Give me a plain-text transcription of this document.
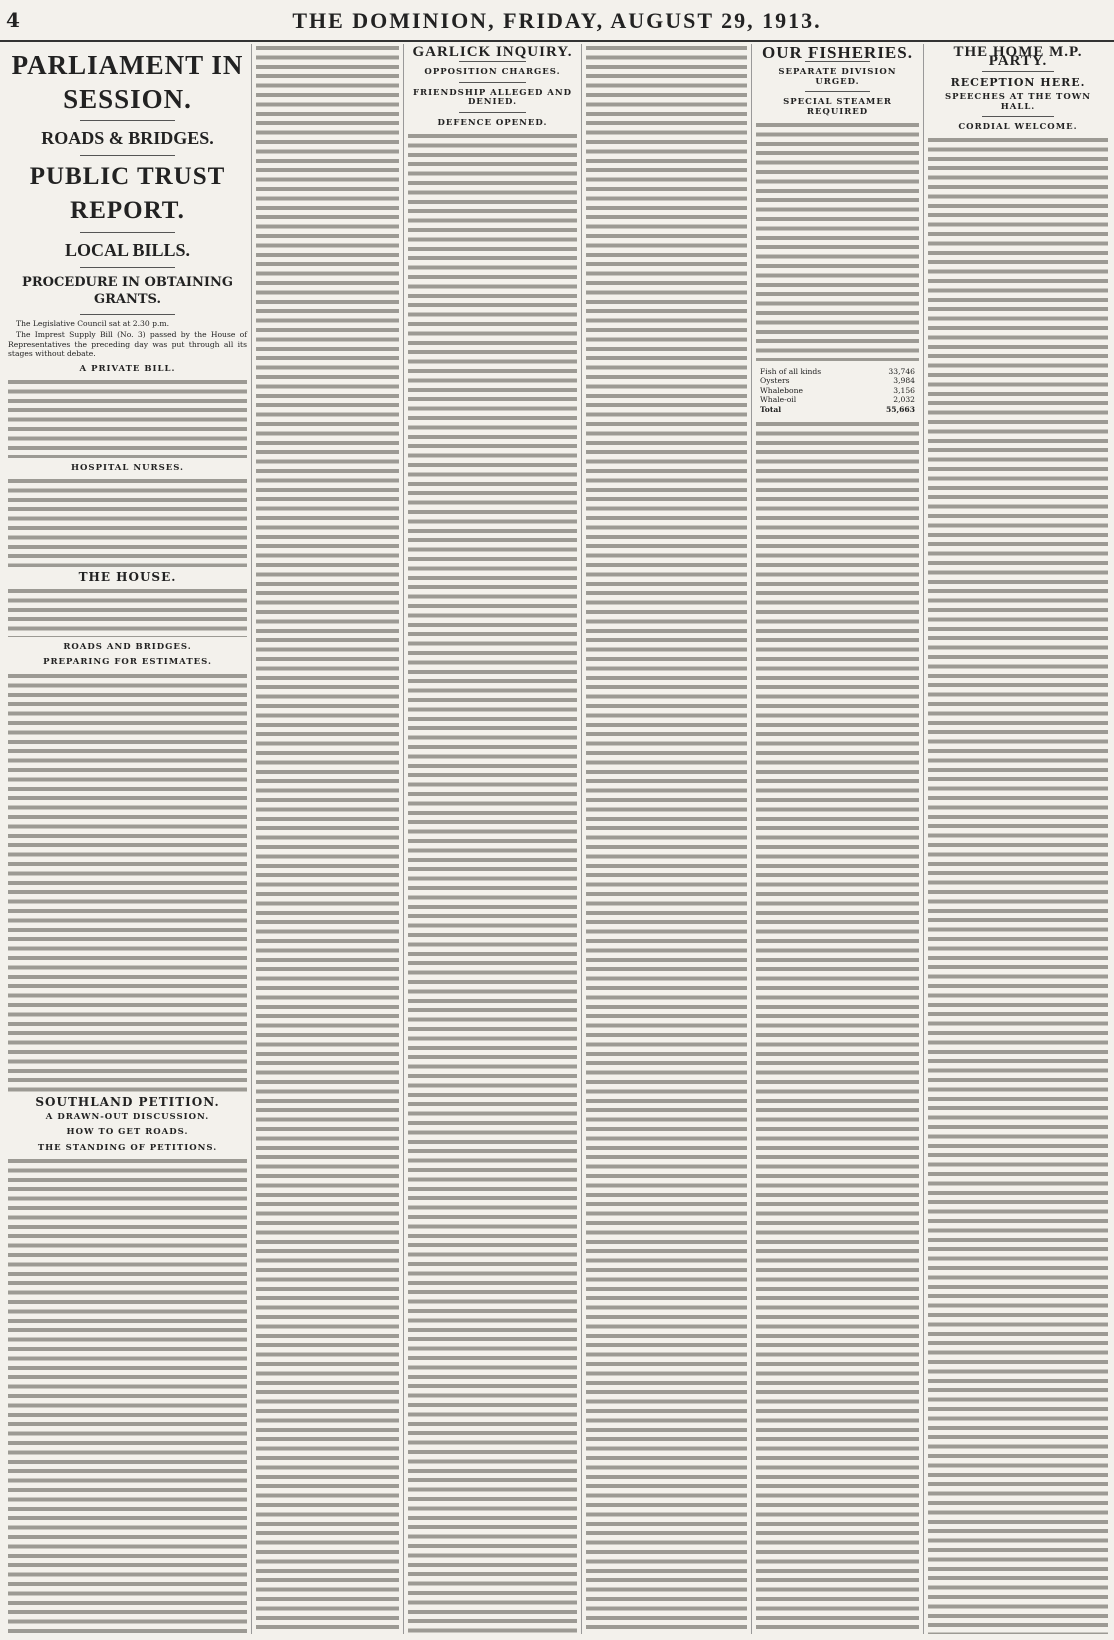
4	THE DOMINION, FRIDAY, AUGUST 29, 1913.
PARLIAMENT IN SESSION.
ROADS & BRIDGES.
PUBLIC TRUST REPORT.
LOCAL BILLS.
PROCEDURE IN OBTAINING GRANTS.

The Legislative Council sat at 2.30 p.m.

The Imprest Supply Bill (No. 3) passed by the House of Representatives the preceding day was put through all its stages without debate.

A PRIVATE BILL.
HOSPITAL NURSES.
THE HOUSE.
ROADS AND BRIDGES.
PREPARING FOR ESTIMATES.
SOUTHLAND PETITION.
A DRAWN-OUT DISCUSSION.
HOW TO GET ROADS.
THE STANDING OF PETITIONS.
GARLICK INQUIRY.
OPPOSITION CHARGES.
FRIENDSHIP ALLEGED AND DENIED.
DEFENCE OPENED.
OUR FISHERIES.
SEPARATE DIVISION URGED.
SPECIAL STEAMER REQUIRED
Fish of all kinds	33,746
Oysters	3,984
Whalebone	3,156
Whale-oil	2,032
Total	55,663
THE HOME M.P. PARTY.
RECEPTION HERE.
SPEECHES AT THE TOWN HALL.
CORDIAL WELCOME.
